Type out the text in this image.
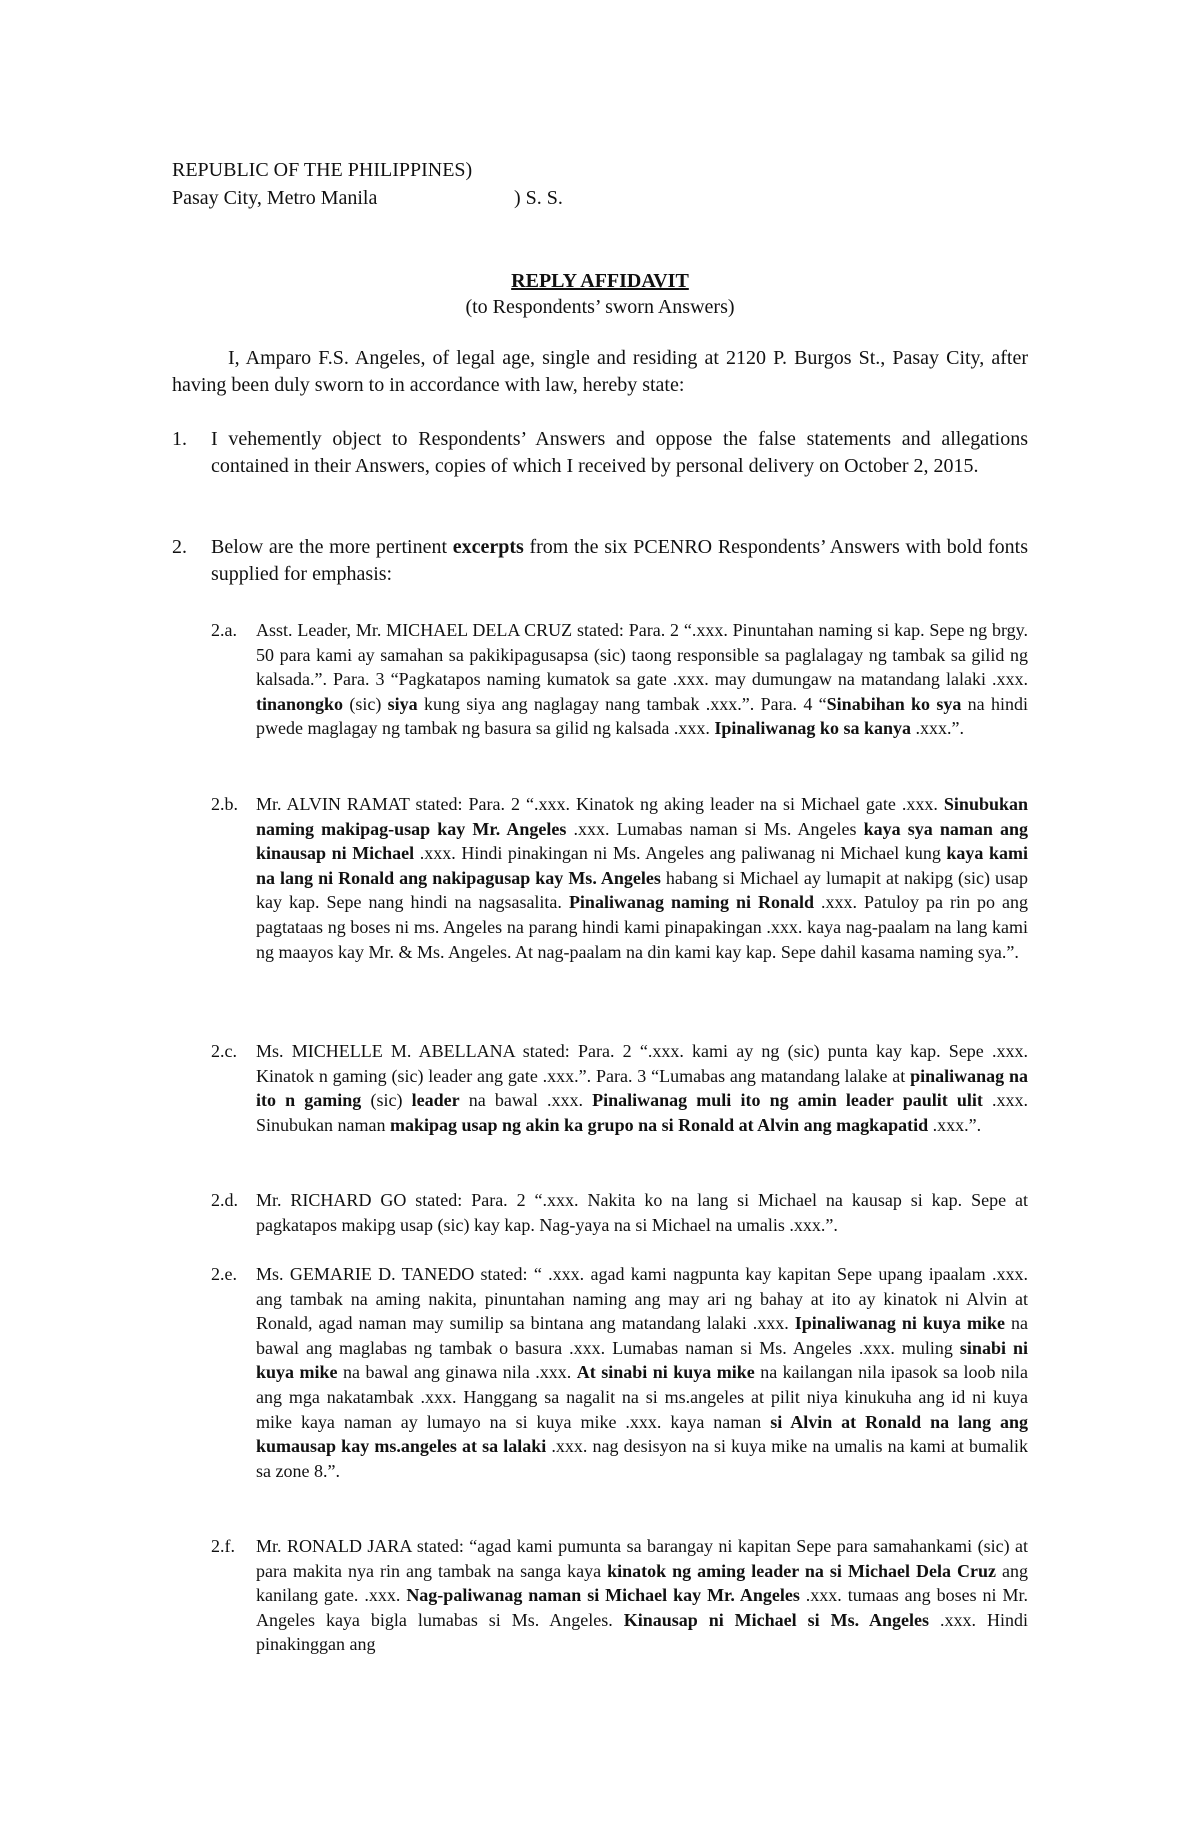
REPUBLIC OF THE PHILIPPINES)
Pasay City, Metro Manila	) S. S.
REPLY AFFIDAVIT
(to Respondents’ sworn Answers)
I, Amparo F.S. Angeles, of legal age, single and residing at 2120 P. Burgos St., Pasay City, after having been duly sworn to in accordance with law, hereby state:
1.	I vehemently object to Respondents’ Answers and oppose the false statements and allegations contained in their Answers, copies of which I received by personal delivery on October 2, 2015.
2.	Below are the more pertinent excerpts from the six PCENRO Respondents’ Answers with bold fonts supplied for emphasis:
2.a.	Asst. Leader, Mr. MICHAEL DELA CRUZ stated: Para. 2 “.xxx. Pinuntahan naming si kap. Sepe ng brgy. 50 para kami ay samahan sa pakikipagusapsa (sic) taong responsible sa paglalagay ng tambak sa gilid ng kalsada.”. Para. 3 “Pagkatapos naming kumatok sa gate .xxx. may dumungaw na matandang lalaki .xxx. tinanongko (sic) siya kung siya ang naglagay nang tambak .xxx.”. Para. 4 “Sinabihan ko sya na hindi pwede maglagay ng tambak ng basura sa gilid ng kalsada .xxx. Ipinaliwanag ko sa kanya .xxx.”.
2.b.	Mr. ALVIN RAMAT stated: Para. 2 “.xxx. Kinatok ng aking leader na si Michael gate .xxx. Sinubukan naming makipag-usap kay Mr. Angeles .xxx. Lumabas naman si Ms. Angeles kaya sya naman ang kinausap ni Michael .xxx. Hindi pinakingan ni Ms. Angeles ang paliwanag ni Michael kung kaya kami na lang ni Ronald ang nakipagusap kay Ms. Angeles habang si Michael ay lumapit at nakipg (sic) usap kay kap. Sepe nang hindi na nagsasalita. Pinaliwanag naming ni Ronald .xxx. Patuloy pa rin po ang pagtataas ng boses ni ms. Angeles na parang hindi kami pinapakingan .xxx. kaya nag-paalam na lang kami ng maayos kay Mr. & Ms. Angeles. At nag-paalam na din kami kay kap. Sepe dahil kasama naming sya.”.
2.c.	Ms. MICHELLE M. ABELLANA stated: Para. 2 “.xxx. kami ay ng (sic) punta kay kap. Sepe .xxx. Kinatok n gaming (sic) leader ang gate .xxx.”. Para. 3 “Lumabas ang matandang lalake at pinaliwanag na ito n gaming (sic) leader na bawal .xxx. Pinaliwanag muli ito ng amin leader paulit ulit .xxx. Sinubukan naman makipag usap ng akin ka grupo na si Ronald at Alvin ang magkapatid .xxx.”.
2.d.	Mr. RICHARD GO stated: Para. 2 “.xxx. Nakita ko na lang si Michael na kausap si kap. Sepe at pagkatapos makipg usap (sic) kay kap. Nag-yaya na si Michael na umalis .xxx.”.
2.e.	Ms. GEMARIE D. TANEDO stated: “ .xxx. agad kami nagpunta kay kapitan Sepe upang ipaalam .xxx. ang tambak na aming nakita, pinuntahan naming ang may ari ng bahay at ito ay kinatok ni Alvin at Ronald, agad naman may sumilip sa bintana ang matandang lalaki .xxx. Ipinaliwanag ni kuya mike na bawal ang maglabas ng tambak o basura .xxx. Lumabas naman si Ms. Angeles .xxx. muling sinabi ni kuya mike na bawal ang ginawa nila .xxx. At sinabi ni kuya mike na kailangan nila ipasok sa loob nila ang mga nakatambak .xxx. Hanggang sa nagalit na si ms.angeles at pilit niya kinukuha ang id ni kuya mike kaya naman ay lumayo na si kuya mike .xxx. kaya naman si Alvin at Ronald na lang ang kumausap kay ms.angeles at sa lalaki .xxx. nag desisyon na si kuya mike na umalis na kami at bumalik sa zone 8.”.
2.f.	Mr. RONALD JARA stated: “agad kami pumunta sa barangay ni kapitan Sepe para samahankami (sic) at para makita nya rin ang tambak na sanga kaya kinatok ng aming leader na si Michael Dela Cruz ang kanilang gate. .xxx. Nag-paliwanag naman si Michael kay Mr. Angeles .xxx. tumaas ang boses ni Mr. Angeles kaya bigla lumabas si Ms. Angeles. Kinausap ni Michael si Ms. Angeles .xxx. Hindi pinakinggan ang
